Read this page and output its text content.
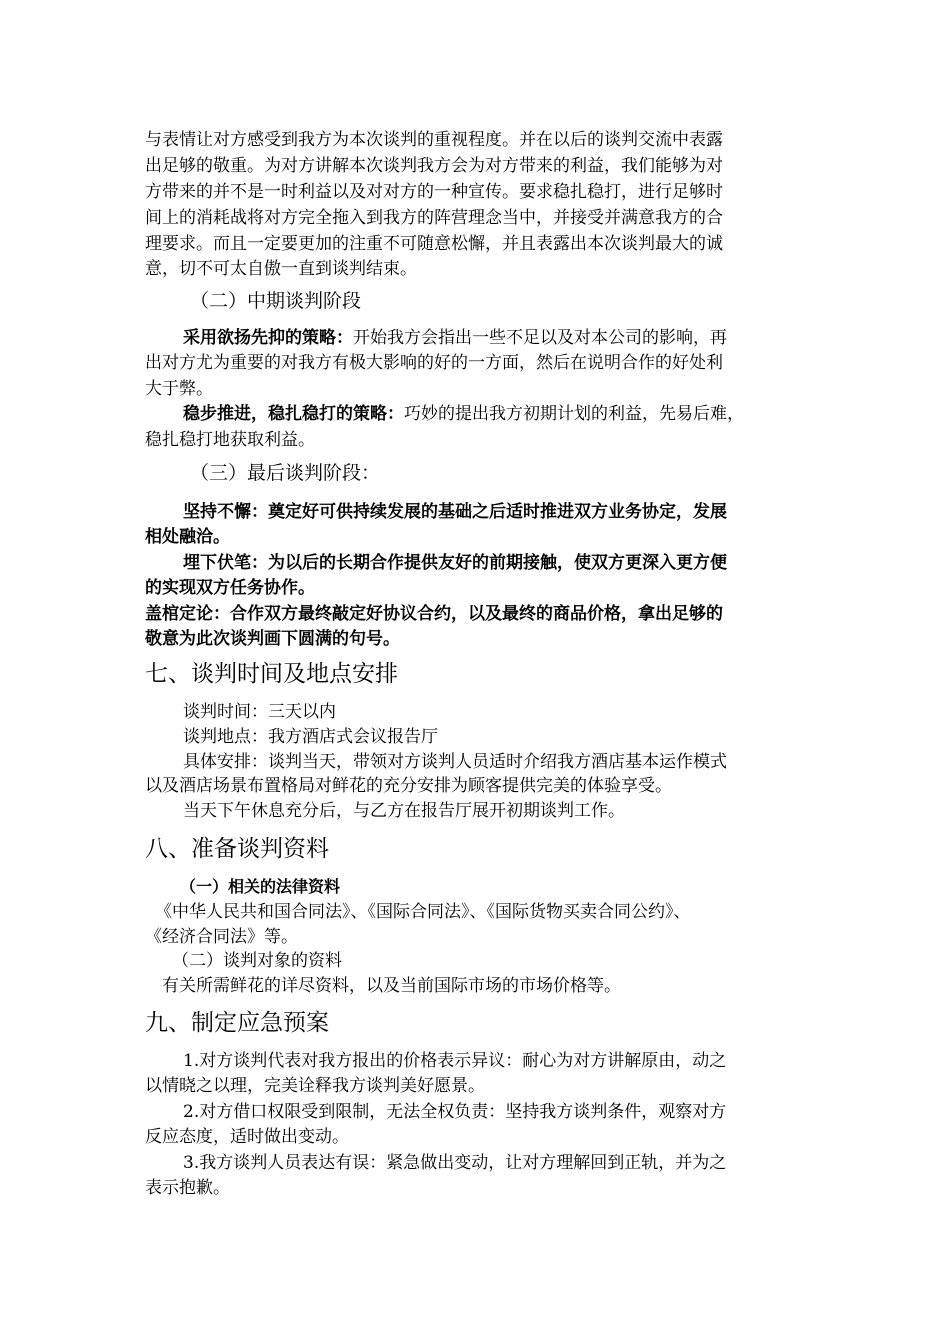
与表情让对方感受到我方为本次谈判的重视程度。并在以后的谈判交流中表露
出足够的敬重。为对方讲解本次谈判我方会为对方带来的利益，我们能够为对
方带来的并不是一时利益以及对对方的一种宣传。要求稳扎稳打，进行足够时
间上的消耗战将对方完全拖入到我方的阵营理念当中，并接受并满意我方的合
理要求。而且一定要更加的注重不可随意松懈，并且表露出本次谈判最大的诚
意，切不可太自傲一直到谈判结束。
（二）中期谈判阶段
采用欲扬先抑的策略：开始我方会指出一些不足以及对本公司的影响，再
出对方尤为重要的对我方有极大影响的好的一方面，然后在说明合作的好处利
大于弊。
稳步推进，稳扎稳打的策略：巧妙的提出我方初期计划的利益，先易后难，
稳扎稳打地获取利益。
（三）最后谈判阶段：
坚持不懈：奠定好可供持续发展的基础之后适时推进双方业务协定，发展
相处融洽。
埋下伏笔：为以后的长期合作提供友好的前期接触，使双方更深入更方便
的实现双方任务协作。
盖棺定论：合作双方最终敲定好协议合约，以及最终的商品价格，拿出足够的
敬意为此次谈判画下圆满的句号。
七、谈判时间及地点安排
谈判时间：三天以内
谈判地点：我方酒店式会议报告厅
具体安排：谈判当天，带领对方谈判人员适时介绍我方酒店基本运作模式
以及酒店场景布置格局对鲜花的充分安排为顾客提供完美的体验享受。
当天下午休息充分后，与乙方在报告厅展开初期谈判工作。
八、准备谈判资料
（一）相关的法律资料
《中华人民共和国合同法》、《国际合同法》、《国际货物买卖合同公约》、
《经济合同法》等。
（二）谈判对象的资料
有关所需鲜花的详尽资料，以及当前国际市场的市场价格等。
九、制定应急预案
1.对方谈判代表对我方报出的价格表示异议：耐心为对方讲解原由，动之
以情晓之以理，完美诠释我方谈判美好愿景。
2.对方借口权限受到限制，无法全权负责：坚持我方谈判条件，观察对方
反应态度，适时做出变动。
3.我方谈判人员表达有误：紧急做出变动，让对方理解回到正轨，并为之
表示抱歉。
